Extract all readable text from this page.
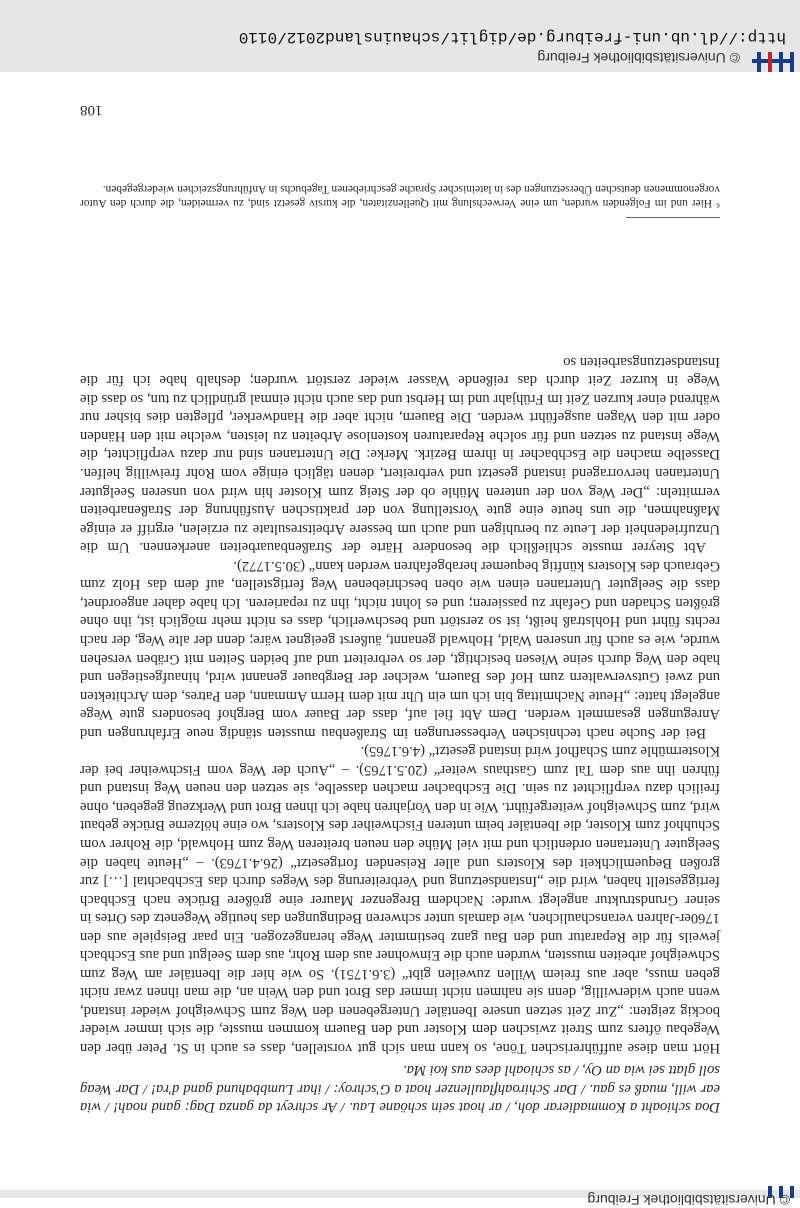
© Universitätsbibliothek Freiburg
Doa schioaht a Kommadierar doh, / ar hoat sein schöane Lau. / Ar schreyt da ganza Dag: gand noah! / wia ear will, muaß es gau. / Dar Schiroahflaullenzer hoat a G'schroy: / ihar Lumbbahund gand d'ra! / Dar Weag soll glatt sei wia an Oy, / as schioahl dees aus koi Ma.

Hört man diese aufführerischen Töne, so kann man sich gut vorstellen, dass es auch in St. Peter über den Wegebau öfters zum Streit zwischen dem Kloster und den Bauern kommen musste, die sich immer wieder bockig zeigten: „Zur Zeit setzen unsere Ibentäler Untergebenen den Weg zum Schweighof wieder instand, wenn auch widerwillig, denn sie nahmen nicht immer das Brot und den Wein an, die man ihnen zwar nicht geben muss, aber aus freiem Willen zuweilen gibt“ (3.6.1751). So wie hier die Ibentäler am Weg zum Schweighof arbeiten mussten, wurden auch die Einwohner aus dem Rohr, aus dem Seelgut und aus Eschbach jeweils für die Reparatur und den Bau ganz bestimmter Wege herangezogen. Ein paar Beispiele aus den 1760er-Jahren veranschaulichen, wie damals unter schweren Bedingungen das heutige Wegenetz des Ortes in seiner Grundstruktur angelegt wurde: Nachdem Bregenzer Maurer eine größere Brücke nach Eschbach fertiggestellt haben, wird die „Instandsetzung und Verbreiterung des Weges durch das Eschbachtal […] zur großen Bequemlichkeit des Klosters und aller Reisenden fortgesetzt“ (26.4.1763). – „Heute haben die Seelguter Untertanen ordentlich und mit viel Mühe den neuen breiteren Weg zum Hohwald, die Rohrer vom Schuhhof zum Kloster, die Ibentäler beim unteren Fischweiher des Klosters, wo eine hölzerne Brücke gebaut wird, zum Schweighof weitergeführt. Wie in den Vorjahren habe ich ihnen Brot und Werkzeug gegeben, ohne freilich dazu verpflichtet zu sein. Die Eschbacher machen dasselbe, sie setzen den neuen Weg instand und führen ihn aus dem Tal zum Gasthaus weiter“ (20.5.1765). – „Auch der Weg vom Fischweiher bei der Klostermühle zum Schafhof wird instand gesetzt“ (4.6.1765).

Bei der Suche nach technischen Verbesserungen im Straßenbau mussten ständig neue Erfahrungen und Anregungen gesammelt werden. Dem Abt fiel auf, dass der Bauer vom Berghof besonders gute Wege angelegt hatte: „Heute Nachmittag bin ich um ein Uhr mit dem Herrn Ammann, den Patres, dem Architekten und zwei Gutsverwaltern zum Hof des Bauern, welcher der Bergbauer genannt wird, hinaufgestiegen und habe den Weg durch seine Wiesen besichtigt, der so verbreitert und auf beiden Seiten mit Gräben versehen wurde, wie es auch für unseren Wald, Hohwald genannt, äußerst geeignet wäre; denn der alte Weg, der nach rechts führt und Hohlstraß heißt, ist so zerstört und beschwerlich, dass es nicht mehr möglich ist, ihn ohne größten Schaden und Gefahr zu passieren; und es lohnt nicht, ihn zu reparieren. Ich habe daher angeordnet, dass die Seelguter Untertanen einen wie oben beschriebenen Weg fertigstellen, auf dem das Holz zum Gebrauch des Klosters künftig bequemer herabgefahren werden kann“ (30.5.1772).

Abt Steyrer musste schließlich die besondere Härte der Straßenbauarbeiten anerkennen. Um die Unzufriedenheit der Leute zu beruhigen und auch um bessere Arbeitsresultate zu erzielen, ergriff er einige Maßnahmen, die uns heute eine gute Vorstellung von der praktischen Ausführung der Straßenarbeiten vermitteln: „Der Weg von der unteren Mühle ob der Steig zum Kloster hin wird von unseren Seelguter Untertanen hervorragend instand gesetzt und verbreitert, denen täglich einige vom Rohr freiwillig helfen. Dasselbe machen die Eschbacher in ihrem Bezirk. Merke: Die Untertanen sind nur dazu verpflichtet, die Wege instand zu setzen und für solche Reparaturen kostenlose Arbeiten zu leisten, welche mit den Händen oder mit den Wagen ausgeführt werden. Die Bauern, nicht aber die Handwerker, pflegten dies bisher nur während einer kurzen Zeit im Frühjahr und im Herbst und das auch nicht einmal gründlich zu tun, so dass die Wege in kurzer Zeit durch das reißende Wasser wieder zerstört wurden; deshalb habe ich für die Instandsetzungsarbeiten so

⁶ Hier und im Folgenden wurden, um eine Verwechslung mit Quellenzitaten, die kursiv gesetzt sind, zu vermeiden, die durch den Autor vorgenommenen deutschen Übersetzungen des in lateinischer Sprache geschriebenen Tagebuchs in Anführungszeichen wiedergegeben.
108
© Universitätsbibliothek Freiburg
http://dl.ub.uni-freiburg.de/diglit/schauinsland2012/0110
